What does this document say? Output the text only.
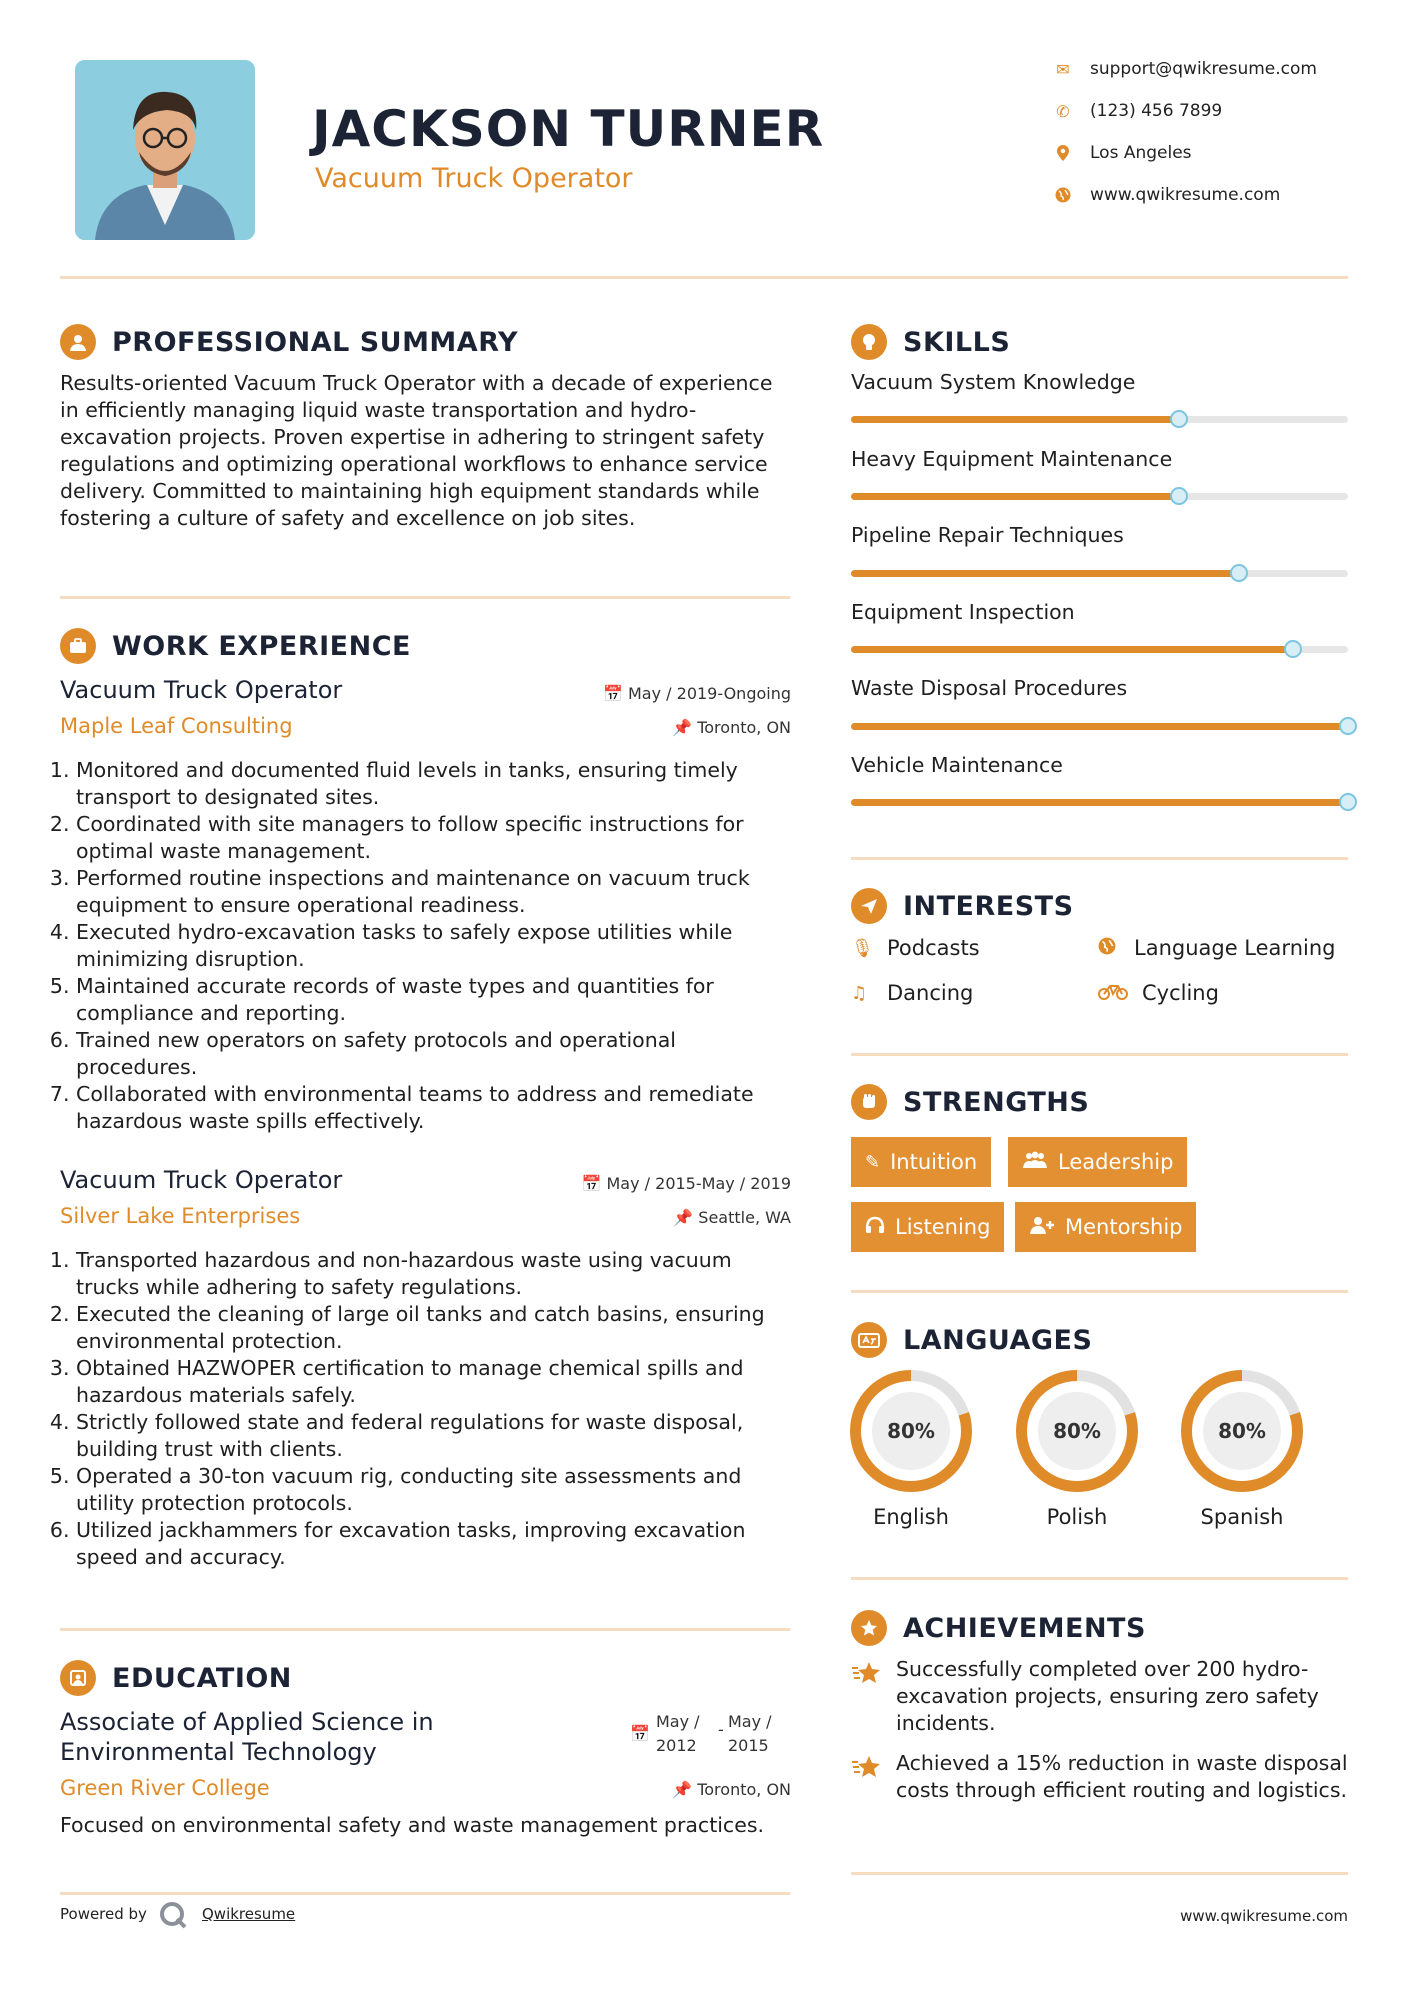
JACKSON TURNER
Vacuum Truck Operator
✉ support@qwikresume.com
✆ (123) 456 7899
Los Angeles
www.qwikresume.com
PROFESSIONAL SUMMARY
Results-oriented Vacuum Truck Operator with a decade of experience in efficiently managing liquid waste transportation and hydro-excavation projects. Proven expertise in adhering to stringent safety regulations and optimizing operational workflows to enhance service delivery. Committed to maintaining high equipment standards while fostering a culture of safety and excellence on job sites.
WORK EXPERIENCE
Vacuum Truck Operator	📅 May / 2019-Ongoing
Maple Leaf Consulting	📌 Toronto, ON
1. Monitored and documented fluid levels in tanks, ensuring timely transport to designated sites.
2. Coordinated with site managers to follow specific instructions for optimal waste management.
3. Performed routine inspections and maintenance on vacuum truck equipment to ensure operational readiness.
4. Executed hydro-excavation tasks to safely expose utilities while minimizing disruption.
5. Maintained accurate records of waste types and quantities for compliance and reporting.
6. Trained new operators on safety protocols and operational procedures.
7. Collaborated with environmental teams to address and remediate hazardous waste spills effectively.
Vacuum Truck Operator	📅 May / 2015-May / 2019
Silver Lake Enterprises	📌 Seattle, WA
1. Transported hazardous and non-hazardous waste using vacuum trucks while adhering to safety regulations.
2. Executed the cleaning of large oil tanks and catch basins, ensuring environmental protection.
3. Obtained HAZWOPER certification to manage chemical spills and hazardous materials safely.
4. Strictly followed state and federal regulations for waste disposal, building trust with clients.
5. Operated a 30-ton vacuum rig, conducting site assessments and utility protection protocols.
6. Utilized jackhammers for excavation tasks, improving excavation speed and accuracy.
EDUCATION
Associate of Applied Science in
Environmental Technology
📅
May /
2012
- May /
2015
Green River College	📌 Toronto, ON
Focused on environmental safety and waste management practices.
Powered by	Qwikresume
SKILLS
Vacuum System Knowledge
Heavy Equipment Maintenance
Pipeline Repair Techniques
Equipment Inspection
Waste Disposal Procedures
Vehicle Maintenance
INTERESTS
🎙 Podcasts	Language Learning
♫ Dancing	Cycling
STRENGTHS
✎ Intuition	Leadership
Listening	Mentorship
LANGUAGES
80%
English
80%
Polish
80%
Spanish
ACHIEVEMENTS
Successfully completed over 200 hydro-excavation projects, ensuring zero safety incidents.
Achieved a 15% reduction in waste disposal costs through efficient routing and logistics.
www.qwikresume.com
